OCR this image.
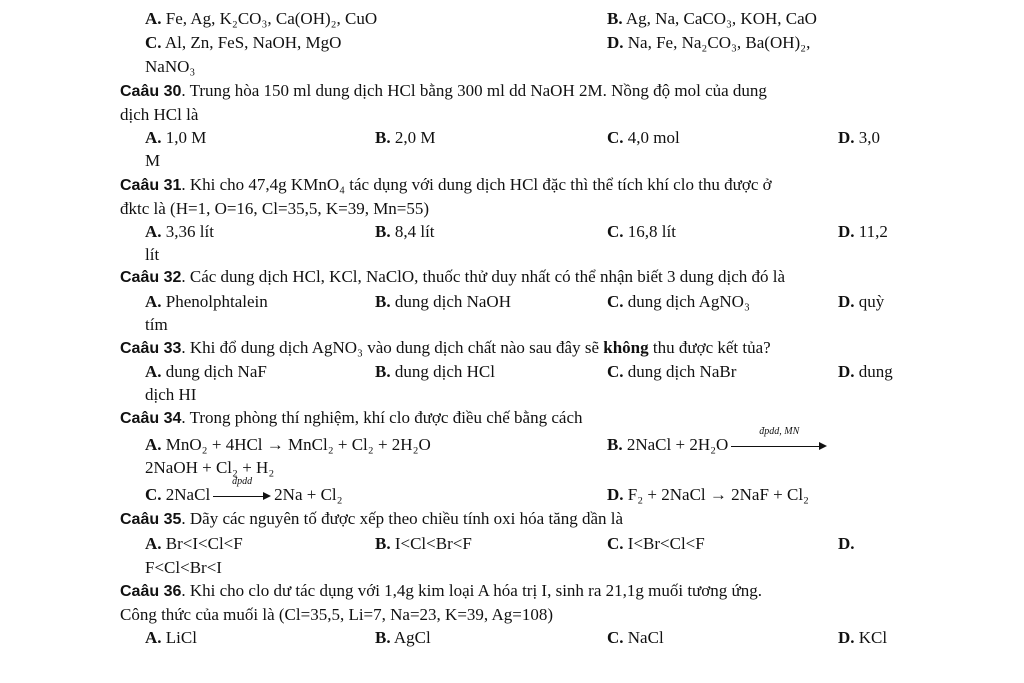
A. Fe, Ag, K₂CO₃, Ca(OH)₂, CuO	B. Ag, Na, CaCO₃, KOH, CaO
C. Al, Zn, FeS, NaOH, MgO	D. Na, Fe, Na₂CO₃, Ba(OH)₂,
NaNO₃
Caâu 30. Trung hòa 150 ml dung dịch HCl bằng 300 ml dd NaOH 2M. Nồng độ mol của dung
dịch HCl là
A. 1,0 M	B. 2,0 M	C. 4,0 mol	D. 3,0
M
Caâu 31. Khi cho 47,4g KMnO₄ tác dụng với dung dịch HCl đặc thì thể tích khí clo thu được ở
đktc là (H=1, O=16, Cl=35,5, K=39, Mn=55)
A. 3,36 lít	B. 8,4 lít	C. 16,8 lít	D. 11,2
lít
Caâu 32. Các dung dịch HCl, KCl, NaClO, thuốc thử duy nhất có thể nhận biết 3 dung dịch đó là
A. Phenolphtalein	B. dung dịch NaOH	C. dung dịch AgNO₃	D. quỳ
tím
Caâu 33. Khi đổ dung dịch AgNO₃ vào dung dịch chất nào sau đây sẽ không thu được kết tủa?
A. dung dịch NaF	B. dung dịch HCl	C. dung dịch NaBr	D. dung
dịch HI
Caâu 34. Trong phòng thí nghiệm, khí clo được điều chế bằng cách
A. MnO₂ + 4HCl → MnCl₂ + Cl₂ + 2H₂O	B. 2NaCl + 2H₂O
đpdd, MN
2NaOH + Cl₂ + H₂
C. 2NaCl
đpdd
2Na + Cl₂	D. F₂ + 2NaCl → 2NaF + Cl₂
Caâu 35. Dãy các nguyên tố được xếp theo chiều tính oxi hóa tăng dần là
A. Br<I<Cl<F	B. I<Cl<Br<F	C. I<Br<Cl<F	D.
F<Cl<Br<I
Caâu 36. Khi cho clo dư tác dụng với 1,4g kim loại A hóa trị I, sinh ra 21,1g muối tương ứng.
Công thức của muối là (Cl=35,5, Li=7, Na=23, K=39, Ag=108)
A. LiCl	B. AgCl	C. NaCl	D. KCl
